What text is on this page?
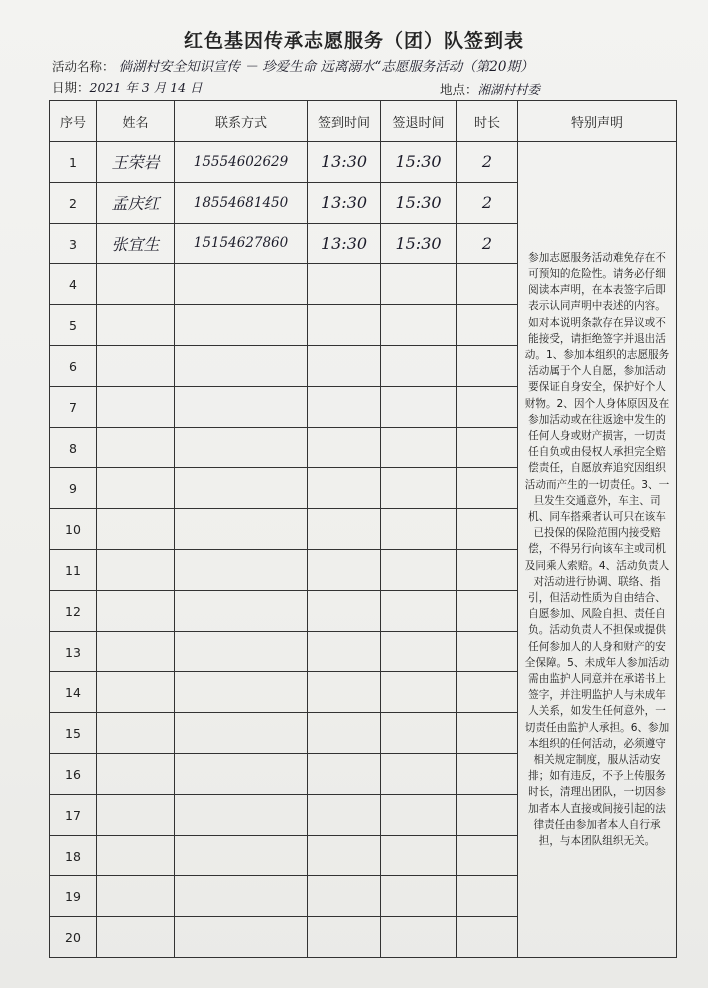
红色基因传承志愿服务（团）队签到表
活动名称： 倘湖村安全知识宣传 － 珍爱生命 远离溺水“志愿服务活动（第20期）
日期：2021 年 3 月 14 日	地点：湘湖村村委
序号	姓名	联系方式	签到时间	签退时间	时长	特别声明
1	王荣岩	15554602629	13:30	15:30	2	参加志愿服务活动难免存在不可预知的危险性。请务必仔细阅读本声明，在本表签字后即表示认同声明中表述的内容。如对本说明条款存在异议或不能接受，请拒绝签字并退出活动。1、参加本组织的志愿服务活动属于个人自愿，参加活动要保证自身安全，保护好个人财物。2、因个人身体原因及在参加活动或在往返途中发生的任何人身或财产损害，一切责任自负或由侵权人承担完全赔偿责任，自愿放弃追究因组织活动而产生的一切责任。3、一旦发生交通意外，车主、司机、同车搭乘者认可只在该车已投保的保险范围内接受赔偿，不得另行向该车主或司机及同乘人索赔。4、活动负责人对活动进行协调、联络、指引，但活动性质为自由结合、自愿参加、风险自担、责任自负。活动负责人不担保或提供任何参加人的人身和财产的安全保障。5、未成年人参加活动需由监护人同意并在承诺书上签字，并注明监护人与未成年人关系，如发生任何意外，一切责任由监护人承担。6、参加本组织的任何活动，必须遵守相关规定制度，服从活动安排；如有违反，不予上传服务时长，清理出团队，一切因参加者本人直接或间接引起的法律责任由参加者本人自行承担，与本团队组织无关。
2	孟庆红	18554681450	13:30	15:30	2	
3	张宜生	15154627860	13:30	15:30	2	
4						
5						
6						
7						
8						
9						
10						
11						
12						
13						
14						
15						
16						
17						
18						
19						
20						
